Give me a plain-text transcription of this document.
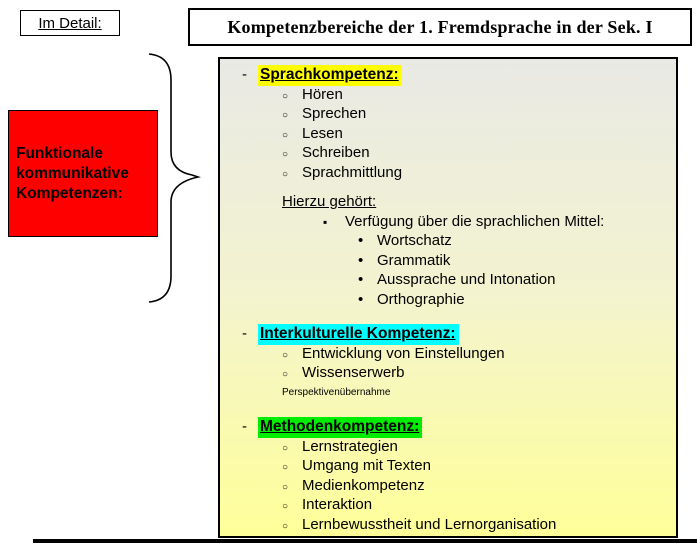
Im Detail:	Kompetenzbereiche der 1. Fremdsprache in der Sek. I
Funktionale kommunikative Kompetenzen:
- Sprachkompetenz:
○ Hören
○ Sprechen
○ Lesen
○ Schreiben
○ Sprachmittlung
Hierzu gehört:
▪	Verfügung über die sprachlichen Mittel:
• Wortschatz
• Grammatik
• Aussprache und Intonation
• Orthographie
- Interkulturelle Kompetenz:
○ Entwicklung von Einstellungen
○ Wissenserwerb
Perspektivenübernahme
- Methodenkompetenz:
○ Lernstrategien
○ Umgang mit Texten
○ Medienkompetenz
○ Interaktion
○ Lernbewusstheit und Lernorganisation
